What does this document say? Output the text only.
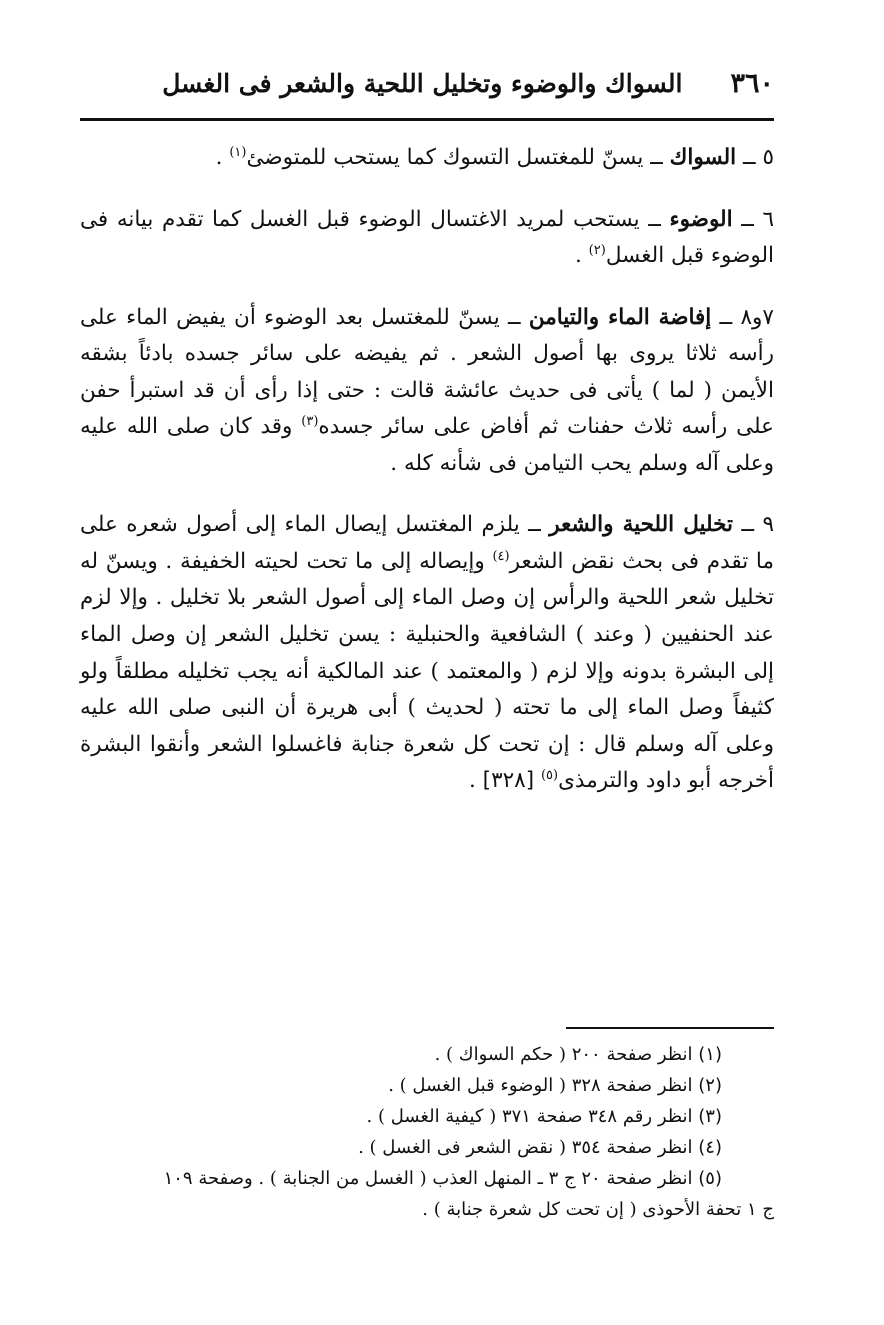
٣٦٠
السواك والوضوء وتخليل اللحية والشعر فى الغسل

٥ ــ السواك ــ يسنّ للمغتسل التسوك كما يستحب للمتوضئ$^{(١)}$ .

٦ ــ الوضوء ــ يستحب لمريد الاغتسال الوضوء قبل الغسل كما تقدم بيانه فى الوضوء قبل الغسل$^{(٢)}$ .

٧و٨ ــ إفاضة الماء والتيامن ــ يسنّ للمغتسل بعد الوضوء أن يفيض الماء على رأسه ثلاثا يروى بها أصول الشعر . ثم يفيضه على سائر جسده بادئاً بشقه الأيمن ( لما ) يأتى فى حديث عائشة قالت : حتى إذا رأى أن قد استبرأ حفن على رأسه ثلاث حفنات ثم أفاض على سائر جسده$^{(٣)}$ وقد كان صلى الله عليه وعلى آله وسلم يحب التيامن فى شأنه كله .

٩ ــ تخليل اللحية والشعر ــ يلزم المغتسل إيصال الماء إلى أصول شعره على ما تقدم فى بحث نقض الشعر$^{(٤)}$ وإيصاله إلى ما تحت لحيته الخفيفة . ويسنّ له تخليل شعر اللحية والرأس إن وصل الماء إلى أصول الشعر بلا تخليل . وإلا لزم عند الحنفيين ( وعند ) الشافعية والحنبلية : يسن تخليل الشعر إن وصل الماء إلى البشرة بدونه وإلا لزم ( والمعتمد ) عند المالكية أنه يجب تخليله مطلقاً ولو كثيفاً وصل الماء إلى ما تحته ( لحديث ) أبى هريرة أن النبى صلى الله عليه وعلى آله وسلم قال : إن تحت كل شعرة جنابة فاغسلوا الشعر وأنقوا البشرة أخرجه أبو داود والترمذى$^{(٥)}$ [٣٢٨] .

(١) انظر صفحة ٢٠٠ ( حكم السواك ) .

(٢) انظر صفحة ٣٢٨ ( الوضوء قبل الغسل ) .

(٣) انظر رقم ٣٤٨ صفحة ٣٧١ ( كيفية الغسل ) .

(٤) انظر صفحة ٣٥٤ ( نقض الشعر فى الغسل ) .

(٥) انظر صفحة ٢٠ ج ٣ ـ المنهل العذب ( الغسل من الجنابة ) . وصفحة ١٠٩

ج ١ تحفة الأحوذى ( إن تحت كل شعرة جنابة ) .
